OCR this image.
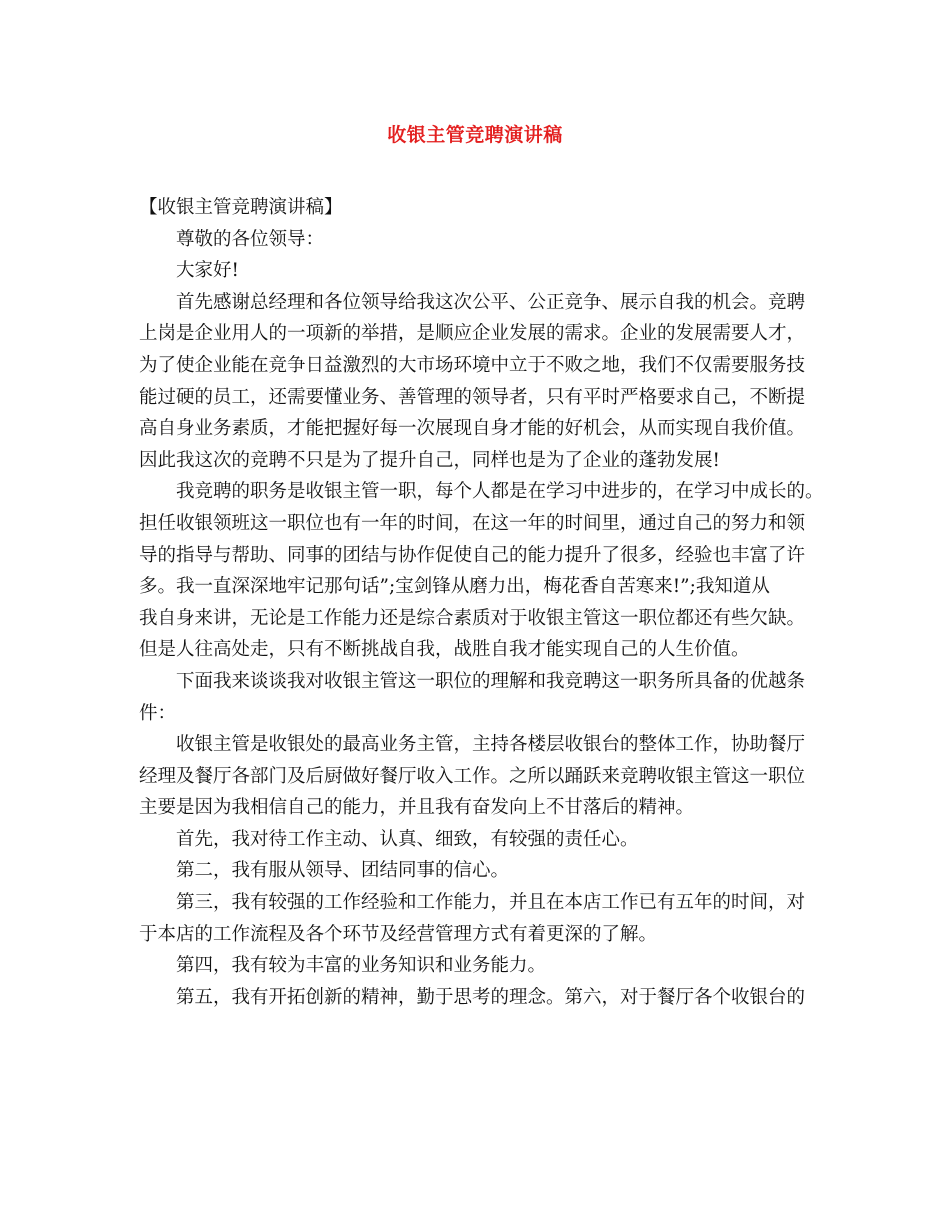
收银主管竞聘演讲稿

【收银主管竞聘演讲稿】

尊敬的各位领导：

大家好!

首先感谢总经理和各位领导给我这次公平、公正竞争、展示自我的机会。竞聘

上岗是企业用人的一项新的举措，是顺应企业发展的需求。企业的发展需要人才，

为了使企业能在竞争日益激烈的大市场环境中立于不败之地，我们不仅需要服务技

能过硬的员工，还需要懂业务、善管理的领导者，只有平时严格要求自己，不断提

高自身业务素质，才能把握好每一次展现自身才能的好机会，从而实现自我价值。

因此我这次的竞聘不只是为了提升自己，同样也是为了企业的蓬勃发展!

我竞聘的职务是收银主管一职，每个人都是在学习中进步的，在学习中成长的。

担任收银领班这一职位也有一年的时间，在这一年的时间里，通过自己的努力和领

导的指导与帮助、同事的团结与协作促使自己的能力提升了很多，经验也丰富了许

多。我一直深深地牢记那句话”;宝剑锋从磨力出，梅花香自苦寒来!”;我知道从

我自身来讲，无论是工作能力还是综合素质对于收银主管这一职位都还有些欠缺。

但是人往高处走，只有不断挑战自我，战胜自我才能实现自己的人生价值。

下面我来谈谈我对收银主管这一职位的理解和我竞聘这一职务所具备的优越条

件：

收银主管是收银处的最高业务主管，主持各楼层收银台的整体工作，协助餐厅

经理及餐厅各部门及后厨做好餐厅收入工作。之所以踊跃来竞聘收银主管这一职位

主要是因为我相信自己的能力，并且我有奋发向上不甘落后的精神。

首先，我对待工作主动、认真、细致，有较强的责任心。

第二，我有服从领导、团结同事的信心。

第三，我有较强的工作经验和工作能力，并且在本店工作已有五年的时间，对

于本店的工作流程及各个环节及经营管理方式有着更深的了解。

第四，我有较为丰富的业务知识和业务能力。

第五，我有开拓创新的精神，勤于思考的理念。第六，对于餐厅各个收银台的
